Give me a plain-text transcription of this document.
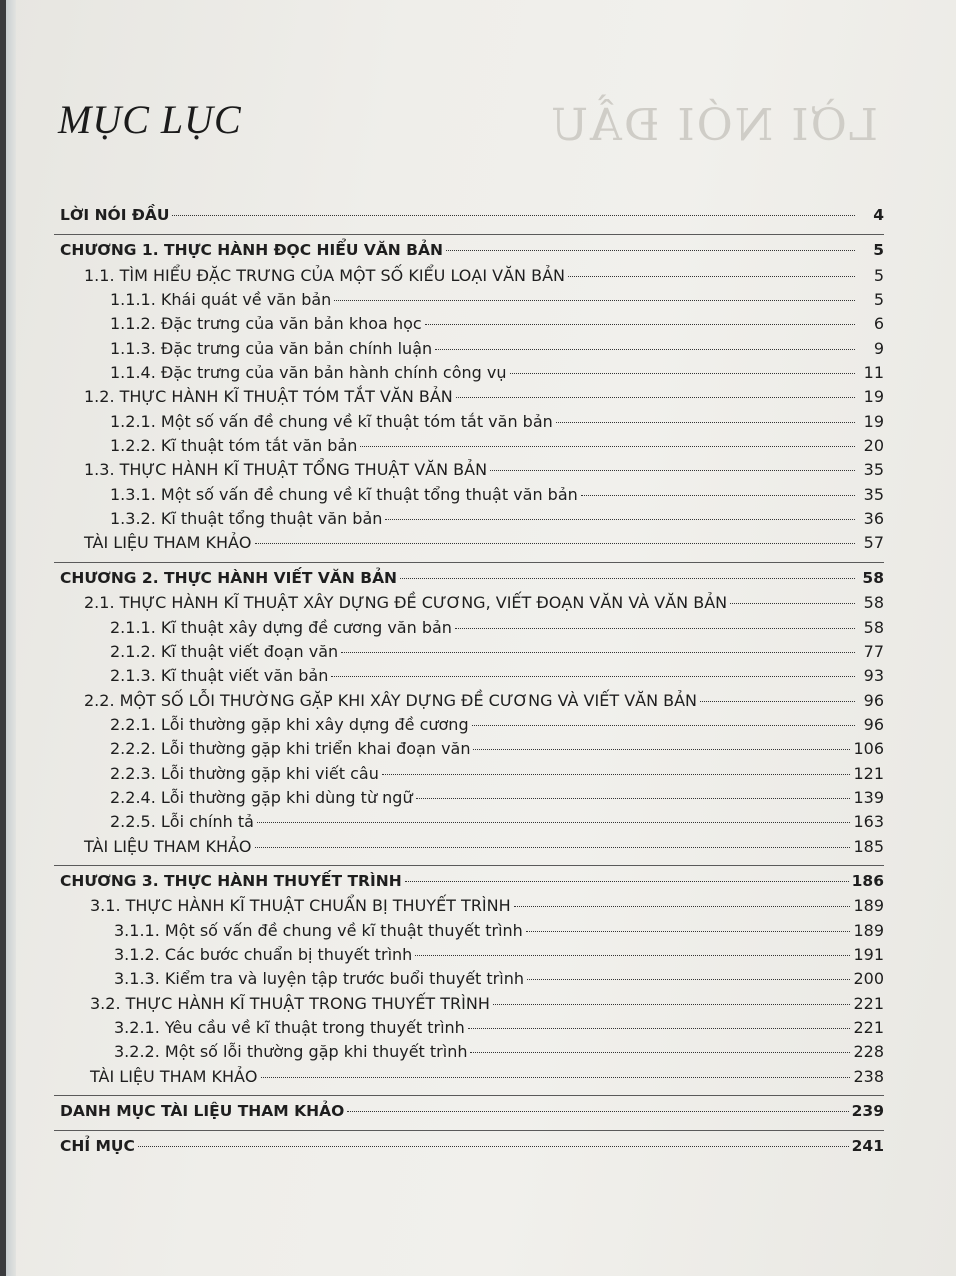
LỜI NÓI ĐẦU
MỤC LỤC
LỜI NÓI ĐẦU	4
CHƯƠNG 1. THỰC HÀNH ĐỌC HIỂU VĂN BẢN	5
1.1. TÌM HIỂU ĐẶC TRƯNG CỦA MỘT SỐ KIỂU LOẠI VĂN BẢN	5
1.1.1. Khái quát về văn bản	5
1.1.2. Đặc trưng của văn bản khoa học	6
1.1.3. Đặc trưng của văn bản chính luận	9
1.1.4. Đặc trưng của văn bản hành chính công vụ	11
1.2. THỰC HÀNH KĨ THUẬT TÓM TẮT VĂN BẢN	19
1.2.1. Một số vấn đề chung về kĩ thuật tóm tắt văn bản	19
1.2.2. Kĩ thuật tóm tắt văn bản	20
1.3. THỰC HÀNH KĨ THUẬT TỔNG THUẬT VĂN BẢN	35
1.3.1. Một số vấn đề chung về kĩ thuật tổng thuật văn bản	35
1.3.2. Kĩ thuật tổng thuật văn bản	36
TÀI LIỆU THAM KHẢO	57
CHƯƠNG 2. THỰC HÀNH VIẾT VĂN BẢN	58
2.1. THỰC HÀNH KĨ THUẬT XÂY DỰNG ĐỀ CƯƠNG, VIẾT ĐOẠN VĂN VÀ VĂN BẢN	58
2.1.1. Kĩ thuật xây dựng đề cương văn bản	58
2.1.2. Kĩ thuật viết đoạn văn	77
2.1.3. Kĩ thuật viết văn bản	93
2.2. MỘT SỐ LỖI THƯỜNG GẶP KHI XÂY DỰNG ĐỀ CƯƠNG VÀ VIẾT VĂN BẢN	96
2.2.1. Lỗi thường gặp khi xây dựng đề cương	96
2.2.2. Lỗi thường gặp khi triển khai đoạn văn	106
2.2.3. Lỗi thường gặp khi viết câu	121
2.2.4. Lỗi thường gặp khi dùng từ ngữ	139
2.2.5. Lỗi chính tả	163
TÀI LIỆU THAM KHẢO	185
CHƯƠNG 3. THỰC HÀNH THUYẾT TRÌNH	186
3.1. THỰC HÀNH KĨ THUẬT CHUẨN BỊ THUYẾT TRÌNH	189
3.1.1. Một số vấn đề chung về kĩ thuật thuyết trình	189
3.1.2. Các bước chuẩn bị thuyết trình	191
3.1.3. Kiểm tra và luyện tập trước buổi thuyết trình	200
3.2. THỰC HÀNH KĨ THUẬT TRONG THUYẾT TRÌNH	221
3.2.1. Yêu cầu về kĩ thuật trong thuyết trình	221
3.2.2. Một số lỗi thường gặp khi thuyết trình	228
TÀI LIỆU THAM KHẢO	238
DANH MỤC TÀI LIỆU THAM KHẢO	239
CHỈ MỤC	241
